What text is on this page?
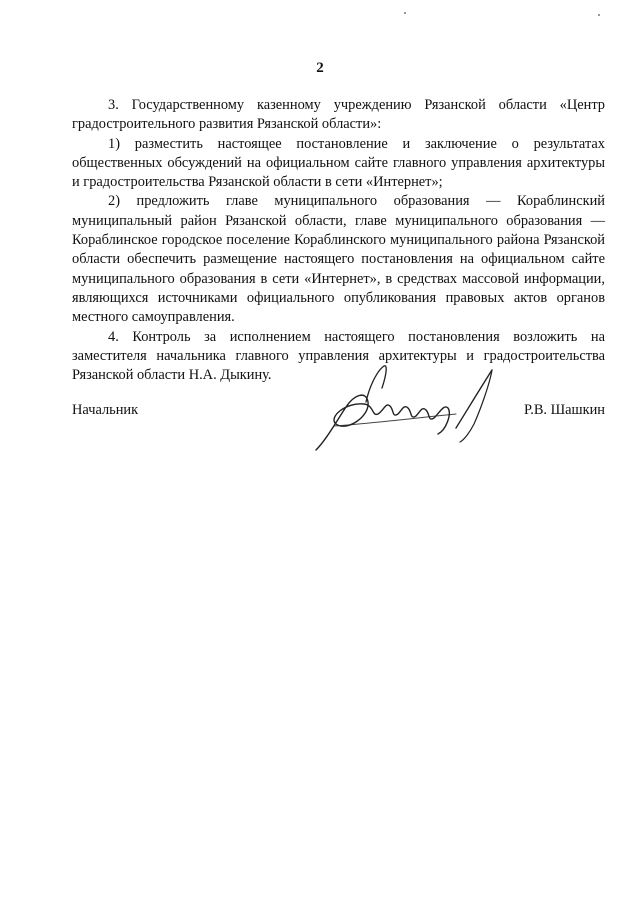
2

3. Государственному казенному учреждению Рязанской области «Центр градостроительного развития Рязанской области»:

1) разместить настоящее постановление и заключение о результатах общественных обсуждений на официальном сайте главного управления архитектуры и градостроительства Рязанской области в сети «Интернет»;

2) предложить главе муниципального образования — Кораблинский муниципальный район Рязанской области, главе муниципального образования — Кораблинское городское поселение Кораблинского муниципального района Рязанской области обеспечить размещение настоящего постановления на официальном сайте муниципального образования в сети «Интернет», в средствах массовой информации, являющихся источниками официального опубликования правовых актов органов местного самоуправления.

4. Контроль за исполнением настоящего постановления возложить на заместителя начальника главного управления архитектуры и градостроительства Рязанской области Н.А. Дыкину.

Начальник	Р.В. Шашкин
